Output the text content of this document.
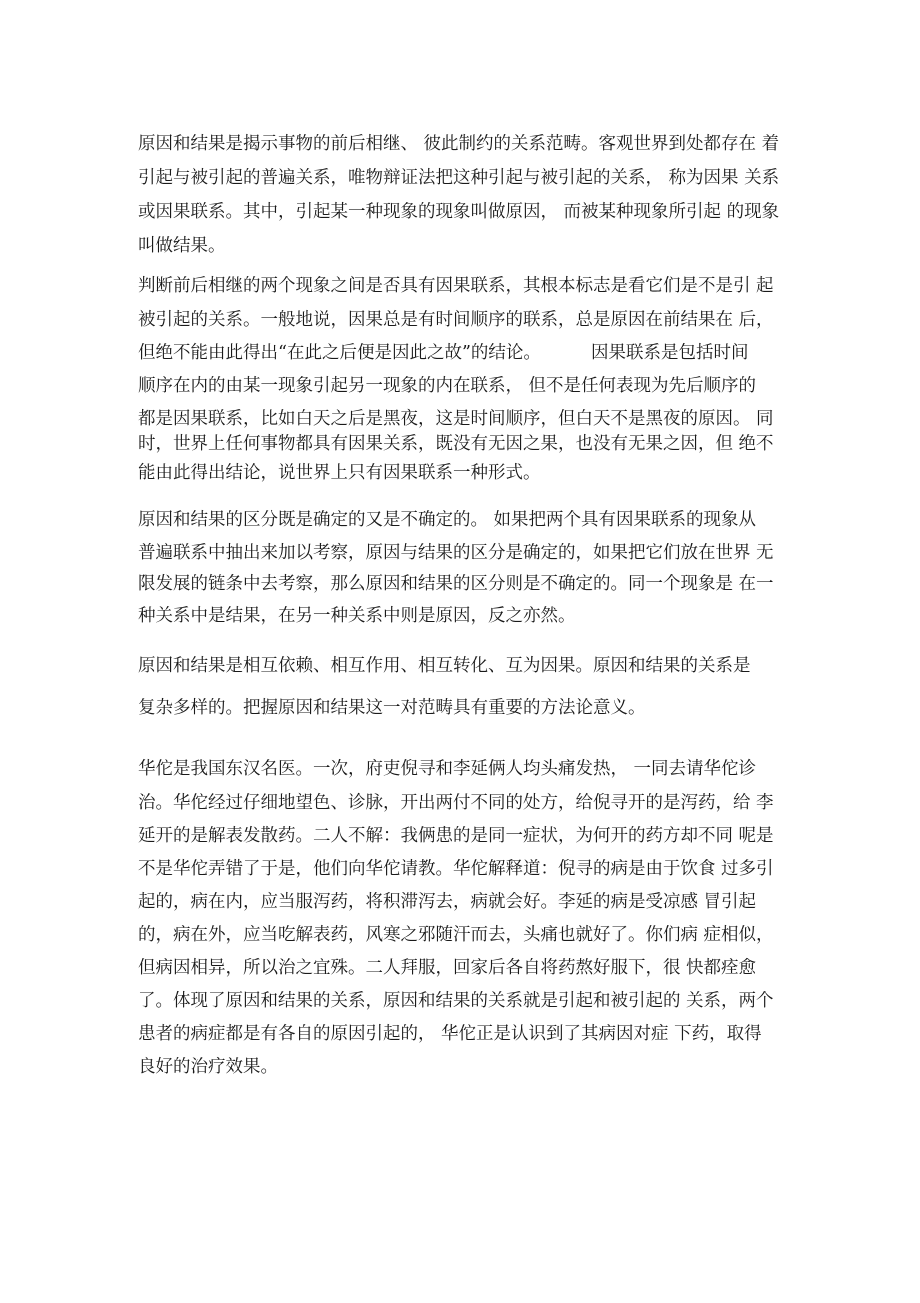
原因和结果是揭示事物的前后相继、 彼此制约的关系范畴。客观世界到处都存在 着

引起与被引起的普遍关系，唯物辩证法把这种引起与被引起的关系， 称为因果 关系

或因果联系。其中，引起某一种现象的现象叫做原因， 而被某种现象所引起 的现象

叫做结果。

判断前后相继的两个现象之间是否具有因果联系，其根本标志是看它们是不是引 起

被引起的关系。一般地说，因果总是有时间顺序的联系，总是原因在前结果在 后，

但绝不能由此得出“在此之后便是因此之故”的结论。         因果联系是包括时间

顺序在内的由某一现象引起另一现象的内在联系， 但不是任何表现为先后顺序的

都是因果联系，比如白天之后是黑夜，这是时间顺序，但白天不是黑夜的原因。 同

时，世界上任何事物都具有因果关系，既没有无因之果，也没有无果之因，但 绝不

能由此得出结论，说世界上只有因果联系一种形式。

原因和结果的区分既是确定的又是不确定的。 如果把两个具有因果联系的现象从

普遍联系中抽出来加以考察，原因与结果的区分是确定的，如果把它们放在世界 无

限发展的链条中去考察，那么原因和结果的区分则是不确定的。同一个现象是 在一

种关系中是结果，在另一种关系中则是原因，反之亦然。

原因和结果是相互依赖、相互作用、相互转化、互为因果。原因和结果的关系是

复杂多样的。把握原因和结果这一对范畴具有重要的方法论意义。

华佗是我国东汉名医。一次，府吏倪寻和李延俩人均头痛发热， 一同去请华佗诊

治。华佗经过仔细地望色、诊脉，开出两付不同的处方，给倪寻开的是泻药，给 李

延开的是解表发散药。二人不解：我俩患的是同一症状，为何开的药方却不同 呢是

不是华佗弄错了于是，他们向华佗请教。华佗解释道：倪寻的病是由于饮食 过多引

起的，病在内，应当服泻药，将积滞泻去，病就会好。李延的病是受凉感 冒引起

的，病在外，应当吃解表药，风寒之邪随汗而去，头痛也就好了。你们病 症相似，

但病因相异，所以治之宜殊。二人拜服，回家后各自将药熬好服下，很 快都痊愈

了。体现了原因和结果的关系，原因和结果的关系就是引起和被引起的 关系，两个

患者的病症都是有各自的原因引起的， 华佗正是认识到了其病因对症 下药，取得

良好的治疗效果。
